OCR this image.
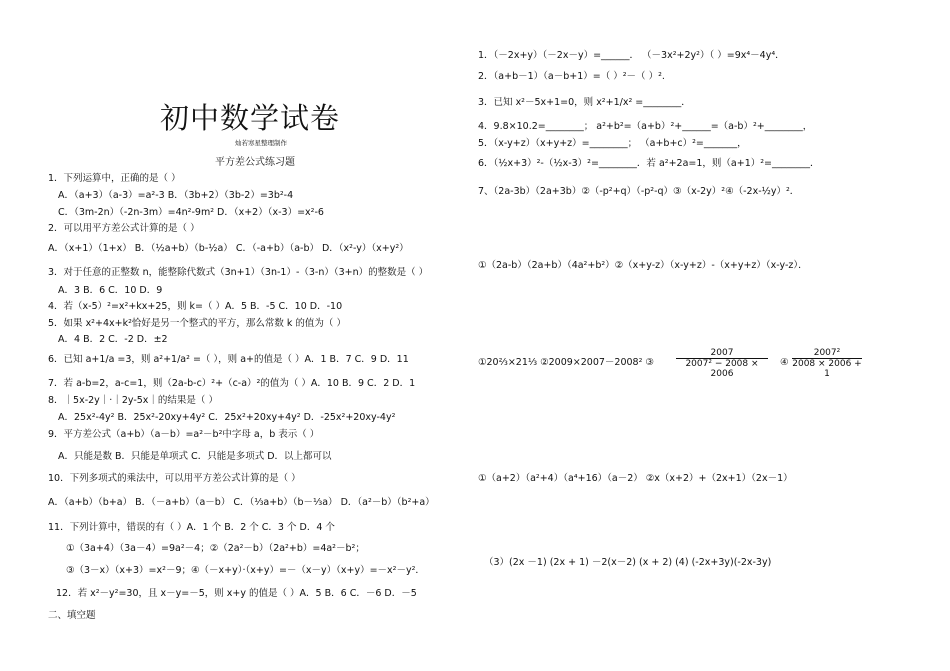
初中数学试卷
灿若寒星整理制作
平方差公式练习题
1．下列运算中，正确的是（ ）
A．（a+3）（a-3）=a²-3 B．（3b+2）（3b-2）=3b²-4
C．（3m-2n）（-2n-3m）=4n²-9m² D．（x+2）（x-3）=x²-6
2．可以用平方差公式计算的是（ ）
A．（x+1）（1+x） B．（½a+b）（b-½a） C．（-a+b）（a-b） D．（x²-y）（x+y²）
3．对于任意的正整数 n，能整除代数式（3n+1）（3n-1）-（3-n）（3+n）的整数是（ ）
A．3 B．6 C．10 D．9
4．若（x-5）²=x²+kx+25，则 k=（ ）A．5 B．-5 C．10 D．-10
5．如果 x²+4x+k²恰好是另一个整式的平方，那么常数 k 的值为（ ）
A．4 B．2 C．-2 D．±2
6．已知 a+1/a =3，则 a²+1/a² =（ ），则 a+的值是（ ）A．1 B．7 C．9 D．11
7．若 a-b=2，a-c=1，则（2a-b-c）²+（c-a）²的值为（ ）A．10 B．9 C．2 D．1
8．｜5x-2y｜·｜2y-5x｜的结果是（ ）
A．25x²-4y² B．25x²-20xy+4y² C．25x²+20xy+4y² D．-25x²+20xy-4y²
9．平方差公式（a+b）（a－b）=a²－b²中字母 a，b 表示（ ）
A．只能是数 B．只能是单项式 C．只能是多项式 D．以上都可以
10．下列多项式的乘法中，可以用平方差公式计算的是（ ）
A．（a+b）（b+a） B．（－a+b）（a－b） C．（⅓a+b）（b－⅓a） D．（a²－b）（b²+a）
11．下列计算中，错误的有（ ）A．1 个 B．2 个 C．3 个 D．4 个
①（3a+4）（3a－4）=9a²－4；②（2a²－b）（2a²+b）=4a²－b²；
③（3－x）（x+3）=x²－9；④（－x+y）·（x+y）=－（x－y）（x+y）=－x²－y²．
12．若 x²－y²=30，且 x－y=－5，则 x+y 的值是（ ）A．5 B．6 C．－6 D．－5
二、填空题
1．（－2x+y）（－2x－y）=______． （－3x²+2y²）（ ）=9x⁴－4y⁴．
2．（a+b－1）（a－b+1）=（ ）²－（ ）².
3．已知 x²－5x+1=0，则 x²+1/x² =________．
4．9.8×10.2=________； a²+b²=（a+b）²+______=（a-b）²+________，
5．（x-y+z）（x+y+z）=________； （a+b+c）²=_______，
6．（½x+3）²-（½x-3）²=________．若 a²+2a=1，则（a+1）²=________．
7、（2a-3b）（2a+3b）②（-p²+q）（-p²-q）③（x-2y）²④（-2x-½y）²．
①（2a-b）（2a+b）（4a²+b²）②（x+y-z）（x-y+z）-（x+y+z）（x-y-z）．
①20⅔×21⅓ ②2009×2007－2008² ③ $\frac{2007}{\text{2007² − 2008 × 2006}}$ ④ $\frac{\text{2007²}}{2008 \times 2006 + 1}$
①（a+2）（a²+4）（a⁴+16）（a－2） ②x（x+2）+（2x+1）（2x－1）
（3）(2x －1) (2x + 1) －2(x－2) (x + 2) (4) (-2x+3y)(-2x-3y)
